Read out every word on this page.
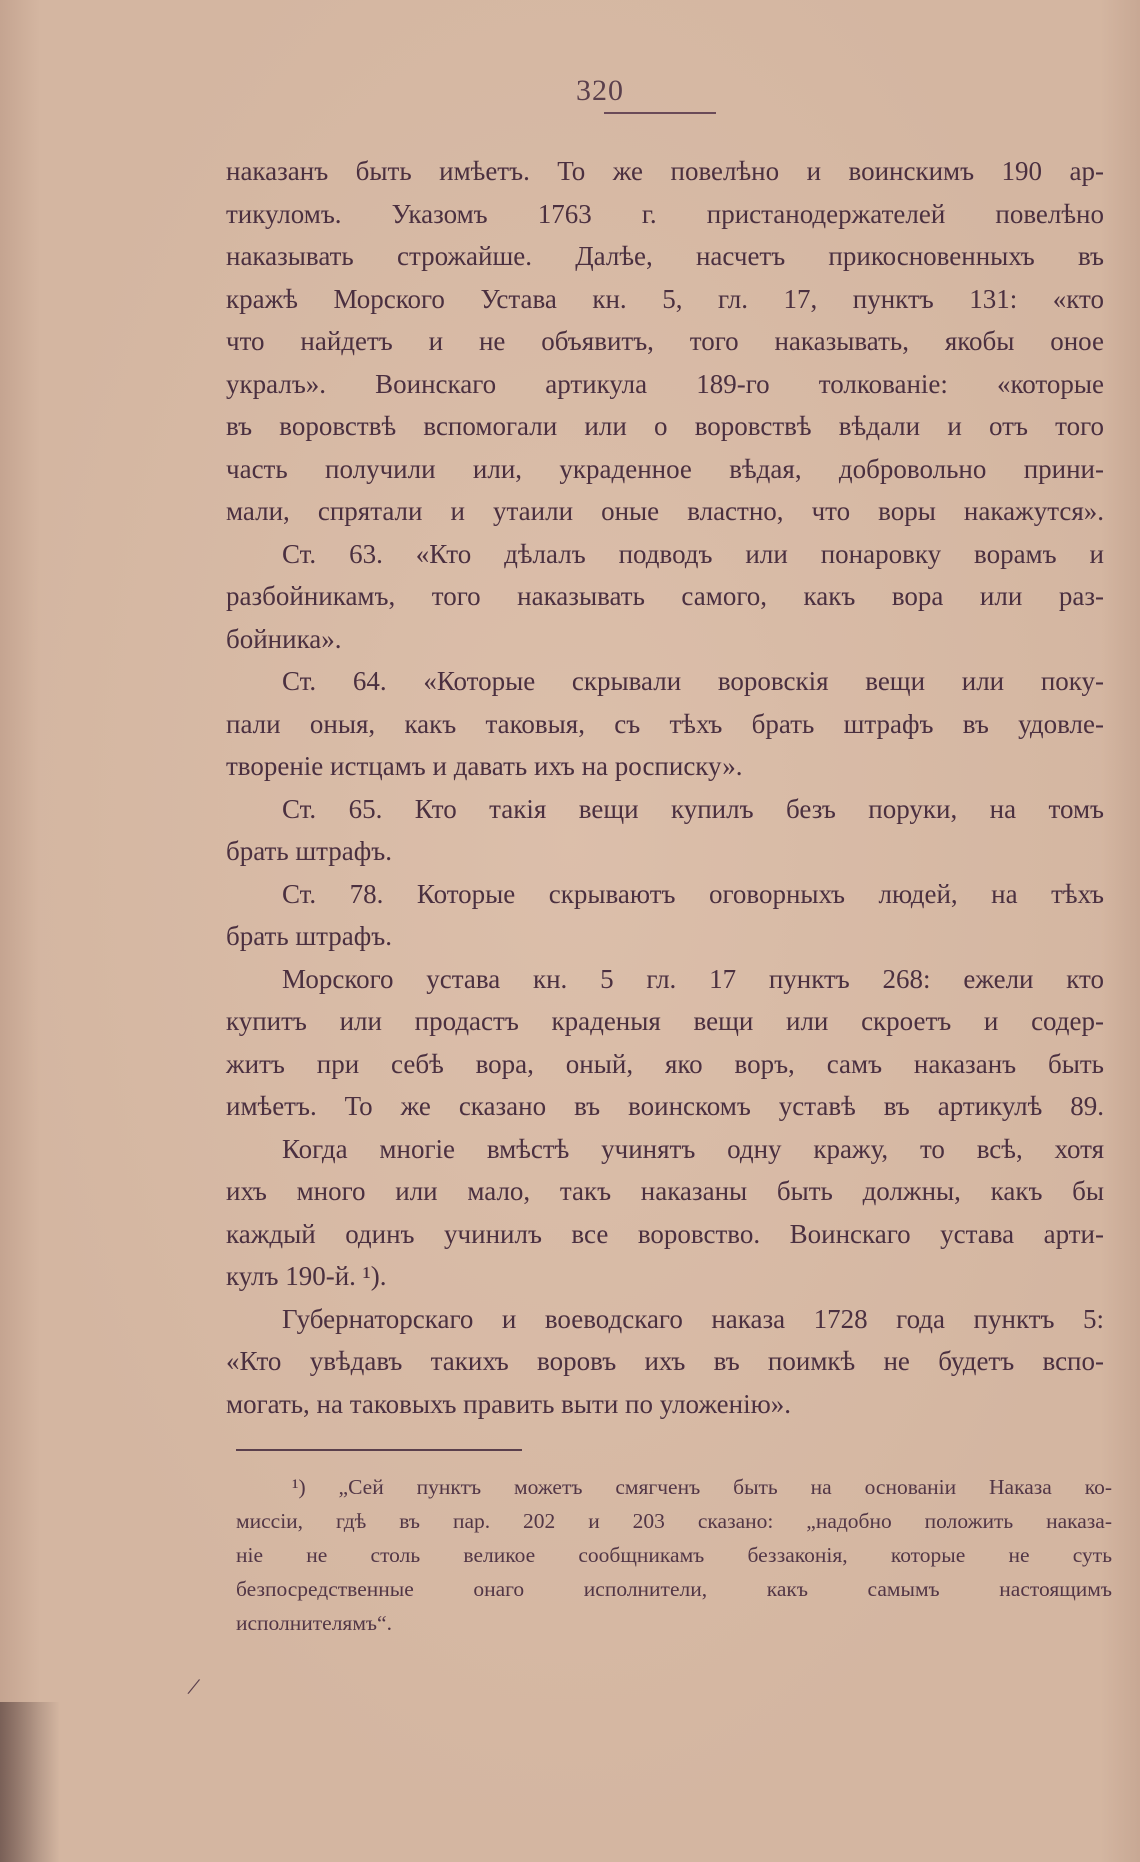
320
наказанъ быть имѣетъ. То же повелѣно и воинскимъ 190 ар-
тикуломъ. Указомъ 1763 г. пристанодержателей повелѣно
наказывать строжайше. Далѣе, насчетъ прикосновенныхъ въ
кражѣ Морского Устава кн. 5, гл. 17, пунктъ 131: «кто
что найдетъ и не объявитъ, того наказывать, якобы оное
укралъ». Воинскаго артикула 189-го толкованіе: «которые
въ воровствѣ вспомогали или о воровствѣ вѣдали и отъ того
часть получили или, украденное вѣдая, добровольно прини-
мали, спрятали и утаили оные властно, что воры накажутся».
Ст. 63. «Кто дѣлалъ подводъ или понаровку ворамъ и
разбойникамъ, того наказывать самого, какъ вора или раз-
бойника».
Ст. 64. «Которые скрывали воровскія вещи или поку-
пали оныя, какъ таковыя, съ тѣхъ брать штрафъ въ удовле-
твореніе истцамъ и давать ихъ на роспиcку».
Ст. 65. Кто такія вещи купилъ безъ поруки, на томъ
брать штрафъ.
Ст. 78. Которые скрываютъ оговорныхъ людей, на тѣхъ
брать штрафъ.
Морского устава кн. 5 гл. 17 пунктъ 268: ежели кто
купитъ или продастъ краденыя вещи или скроетъ и содер-
житъ при себѣ вора, оный, яко воръ, самъ наказанъ быть
имѣетъ. То же сказано въ воинскомъ уставѣ въ артикулѣ 89.
Когда многіе вмѣстѣ учинятъ одну кражу, то всѣ, хотя
ихъ много или мало, такъ наказаны быть должны, какъ бы
каждый одинъ учинилъ все воровство. Воинскаго устава арти-
кулъ 190-й. ¹).
Губернаторскаго и воеводскаго наказа 1728 года пунктъ 5:
«Кто увѣдавъ такихъ воровъ ихъ въ поимкѣ не будетъ вспо-
могать, на таковыхъ править выти по уложенію».
¹) „Сей пунктъ можетъ смягченъ быть на основаніи Наказа ко-
миссіи, гдѣ въ пар. 202 и 203 сказано: „надобно положить наказа-
ніе не столь великое сообщникамъ беззаконія, которые не суть
безпосредственные онаго исполнители, какъ самымъ настоящимъ
исполнителямъ“.
/
